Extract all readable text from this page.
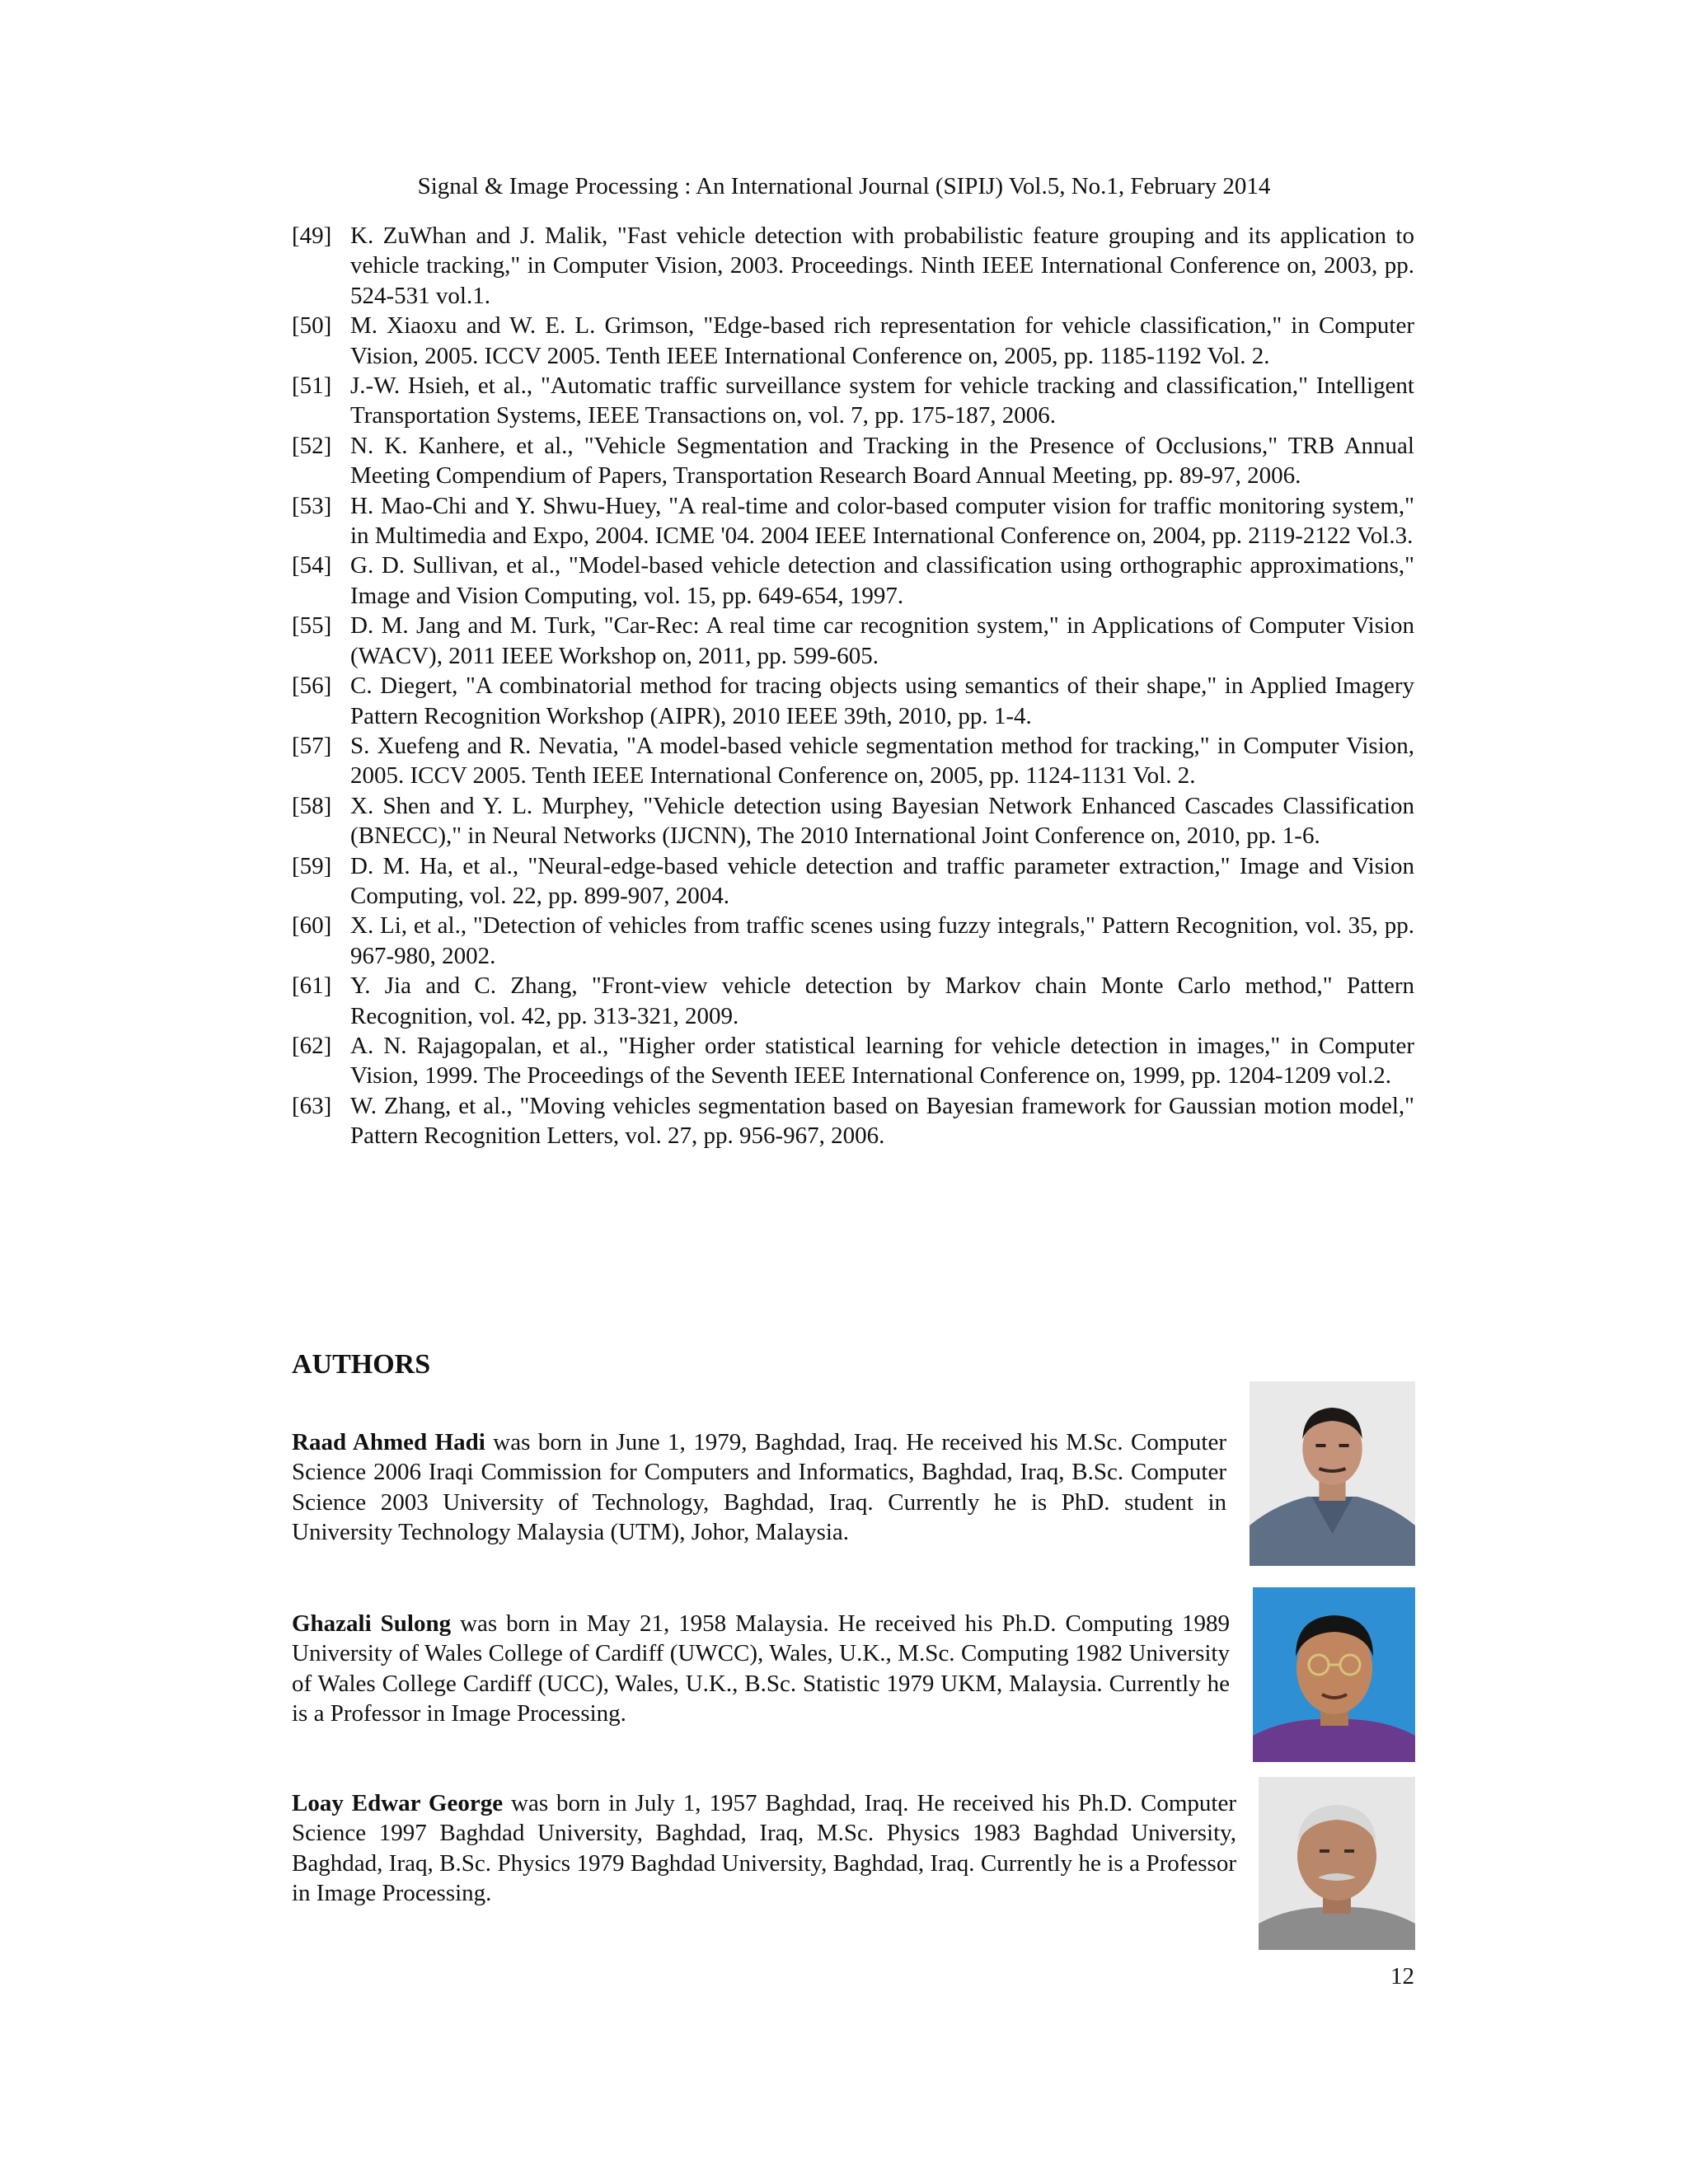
Signal & Image Processing : An International Journal (SIPIJ) Vol.5, No.1, February 2014
[49] K. ZuWhan and J. Malik, "Fast vehicle detection with probabilistic feature grouping and its application to vehicle tracking," in Computer Vision, 2003. Proceedings. Ninth IEEE International Conference on, 2003, pp. 524-531 vol.1.
[50] M. Xiaoxu and W. E. L. Grimson, "Edge-based rich representation for vehicle classification," in Computer Vision, 2005. ICCV 2005. Tenth IEEE International Conference on, 2005, pp. 1185-1192 Vol. 2.
[51] J.-W. Hsieh, et al., "Automatic traffic surveillance system for vehicle tracking and classification," Intelligent Transportation Systems, IEEE Transactions on, vol. 7, pp. 175-187, 2006.
[52] N. K. Kanhere, et al., "Vehicle Segmentation and Tracking in the Presence of Occlusions," TRB Annual Meeting Compendium of Papers, Transportation Research Board Annual Meeting, pp. 89-97, 2006.
[53] H. Mao-Chi and Y. Shwu-Huey, "A real-time and color-based computer vision for traffic monitoring system," in Multimedia and Expo, 2004. ICME '04. 2004 IEEE International Conference on, 2004, pp. 2119-2122 Vol.3.
[54] G. D. Sullivan, et al., "Model-based vehicle detection and classification using orthographic approximations," Image and Vision Computing, vol. 15, pp. 649-654, 1997.
[55] D. M. Jang and M. Turk, "Car-Rec: A real time car recognition system," in Applications of Computer Vision (WACV), 2011 IEEE Workshop on, 2011, pp. 599-605.
[56] C. Diegert, "A combinatorial method for tracing objects using semantics of their shape," in Applied Imagery Pattern Recognition Workshop (AIPR), 2010 IEEE 39th, 2010, pp. 1-4.
[57] S. Xuefeng and R. Nevatia, "A model-based vehicle segmentation method for tracking," in Computer Vision, 2005. ICCV 2005. Tenth IEEE International Conference on, 2005, pp. 1124-1131 Vol. 2.
[58] X. Shen and Y. L. Murphey, "Vehicle detection using Bayesian Network Enhanced Cascades Classification (BNECC)," in Neural Networks (IJCNN), The 2010 International Joint Conference on, 2010, pp. 1-6.
[59] D. M. Ha, et al., "Neural-edge-based vehicle detection and traffic parameter extraction," Image and Vision Computing, vol. 22, pp. 899-907, 2004.
[60] X. Li, et al., "Detection of vehicles from traffic scenes using fuzzy integrals," Pattern Recognition, vol. 35, pp. 967-980, 2002.
[61] Y. Jia and C. Zhang, "Front-view vehicle detection by Markov chain Monte Carlo method," Pattern Recognition, vol. 42, pp. 313-321, 2009.
[62] A. N. Rajagopalan, et al., "Higher order statistical learning for vehicle detection in images," in Computer Vision, 1999. The Proceedings of the Seventh IEEE International Conference on, 1999, pp. 1204-1209 vol.2.
[63] W. Zhang, et al., "Moving vehicles segmentation based on Bayesian framework for Gaussian motion model," Pattern Recognition Letters, vol. 27, pp. 956-967, 2006.
AUTHORS
Raad Ahmed Hadi was born in June 1, 1979, Baghdad, Iraq. He received his M.Sc. Computer Science 2006 Iraqi Commission for Computers and Informatics, Baghdad, Iraq, B.Sc. Computer Science 2003 University of Technology, Baghdad, Iraq. Currently he is PhD. student in University Technology Malaysia (UTM), Johor, Malaysia.
Ghazali Sulong was born in May 21, 1958 Malaysia. He received his Ph.D. Computing 1989 University of Wales College of Cardiff (UWCC), Wales, U.K., M.Sc. Computing 1982 University of Wales College Cardiff (UCC), Wales, U.K., B.Sc. Statistic 1979 UKM, Malaysia. Currently he is a Professor in Image Processing.
Loay Edwar George was born in July 1, 1957 Baghdad, Iraq. He received his Ph.D. Computer Science 1997 Baghdad University, Baghdad, Iraq, M.Sc. Physics 1983 Baghdad University, Baghdad, Iraq, B.Sc. Physics 1979 Baghdad University, Baghdad, Iraq. Currently he is a Professor in Image Processing.
12
